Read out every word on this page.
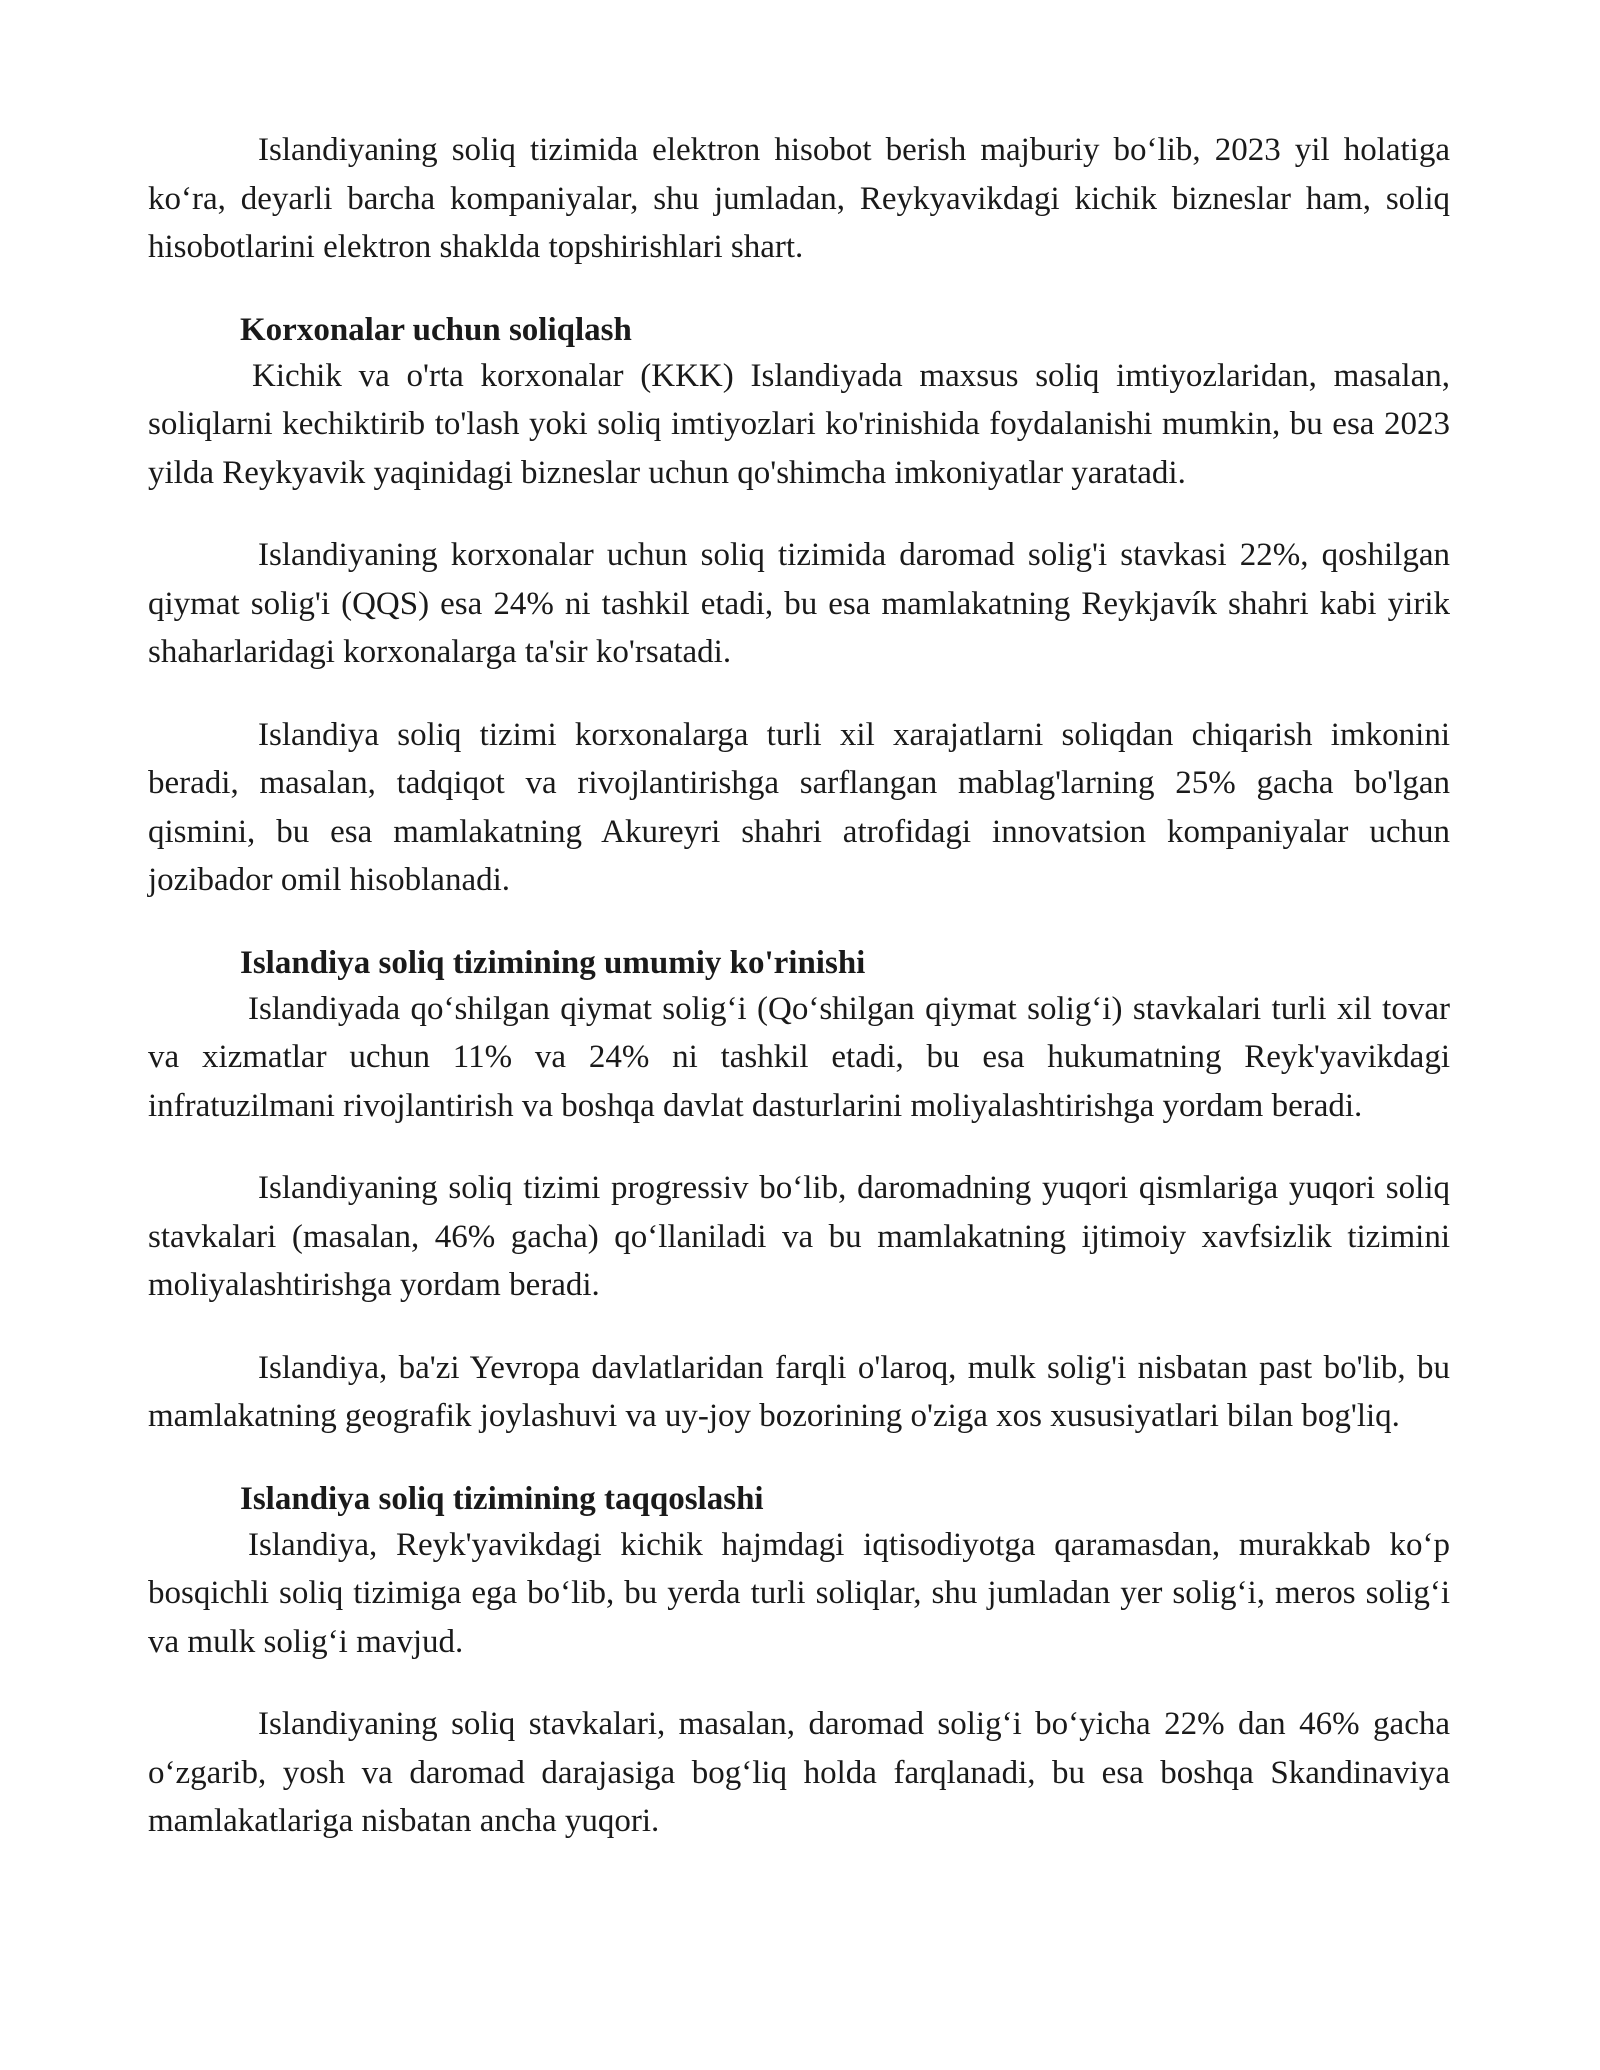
Islandiyaning soliq tizimida elektron hisobot berish majburiy bo‘lib, 2023 yil holatiga ko‘ra, deyarli barcha kompaniyalar, shu jumladan, Reykyavikdagi kichik bizneslar ham, soliq hisobotlarini elektron shaklda topshirishlari shart.

Korxonalar uchun soliqlash

Kichik va o'rta korxonalar (KKK) Islandiyada maxsus soliq imtiyozlaridan, masalan, soliqlarni kechiktirib to'lash yoki soliq imtiyozlari ko'rinishida foydalanishi mumkin, bu esa 2023 yilda Reykyavik yaqinidagi bizneslar uchun qo'shimcha imkoniyatlar yaratadi.

Islandiyaning korxonalar uchun soliq tizimida daromad solig'i stavkasi 22%, qoshilgan qiymat solig'i (QQS) esa 24% ni tashkil etadi, bu esa mamlakatning Reykjavík shahri kabi yirik shaharlaridagi korxonalarga ta'sir ko'rsatadi.

Islandiya soliq tizimi korxonalarga turli xil xarajatlarni soliqdan chiqarish imkonini beradi, masalan, tadqiqot va rivojlantirishga sarflangan mablag'larning 25% gacha bo'lgan qismini, bu esa mamlakatning Akureyri shahri atrofidagi innovatsion kompaniyalar uchun jozibador omil hisoblanadi.

Islandiya soliq tizimining umumiy ko'rinishi

Islandiyada qo‘shilgan qiymat solig‘i (Qo‘shilgan qiymat solig‘i) stavkalari turli xil tovar va xizmatlar uchun 11% va 24% ni tashkil etadi, bu esa hukumatning Reyk'yavikdagi infratuzilmani rivojlantirish va boshqa davlat dasturlarini moliyalashtirishga yordam beradi.

Islandiyaning soliq tizimi progressiv bo‘lib, daromadning yuqori qismlariga yuqori soliq stavkalari (masalan, 46% gacha) qo‘llaniladi va bu mamlakatning ijtimoiy xavfsizlik tizimini moliyalashtirishga yordam beradi.

Islandiya, ba'zi Yevropa davlatlaridan farqli o'laroq, mulk solig'i nisbatan past bo'lib, bu mamlakatning geografik joylashuvi va uy-joy bozorining o'ziga xos xususiyatlari bilan bog'liq.

Islandiya soliq tizimining taqqoslashi

Islandiya, Reyk'yavikdagi kichik hajmdagi iqtisodiyotga qaramasdan, murakkab ko‘p bosqichli soliq tizimiga ega bo‘lib, bu yerda turli soliqlar, shu jumladan yer solig‘i, meros solig‘i va mulk solig‘i mavjud.

Islandiyaning soliq stavkalari, masalan, daromad solig‘i bo‘yicha 22% dan 46% gacha o‘zgarib, yosh va daromad darajasiga bog‘liq holda farqlanadi, bu esa boshqa Skandinaviya mamlakatlariga nisbatan ancha yuqori.
